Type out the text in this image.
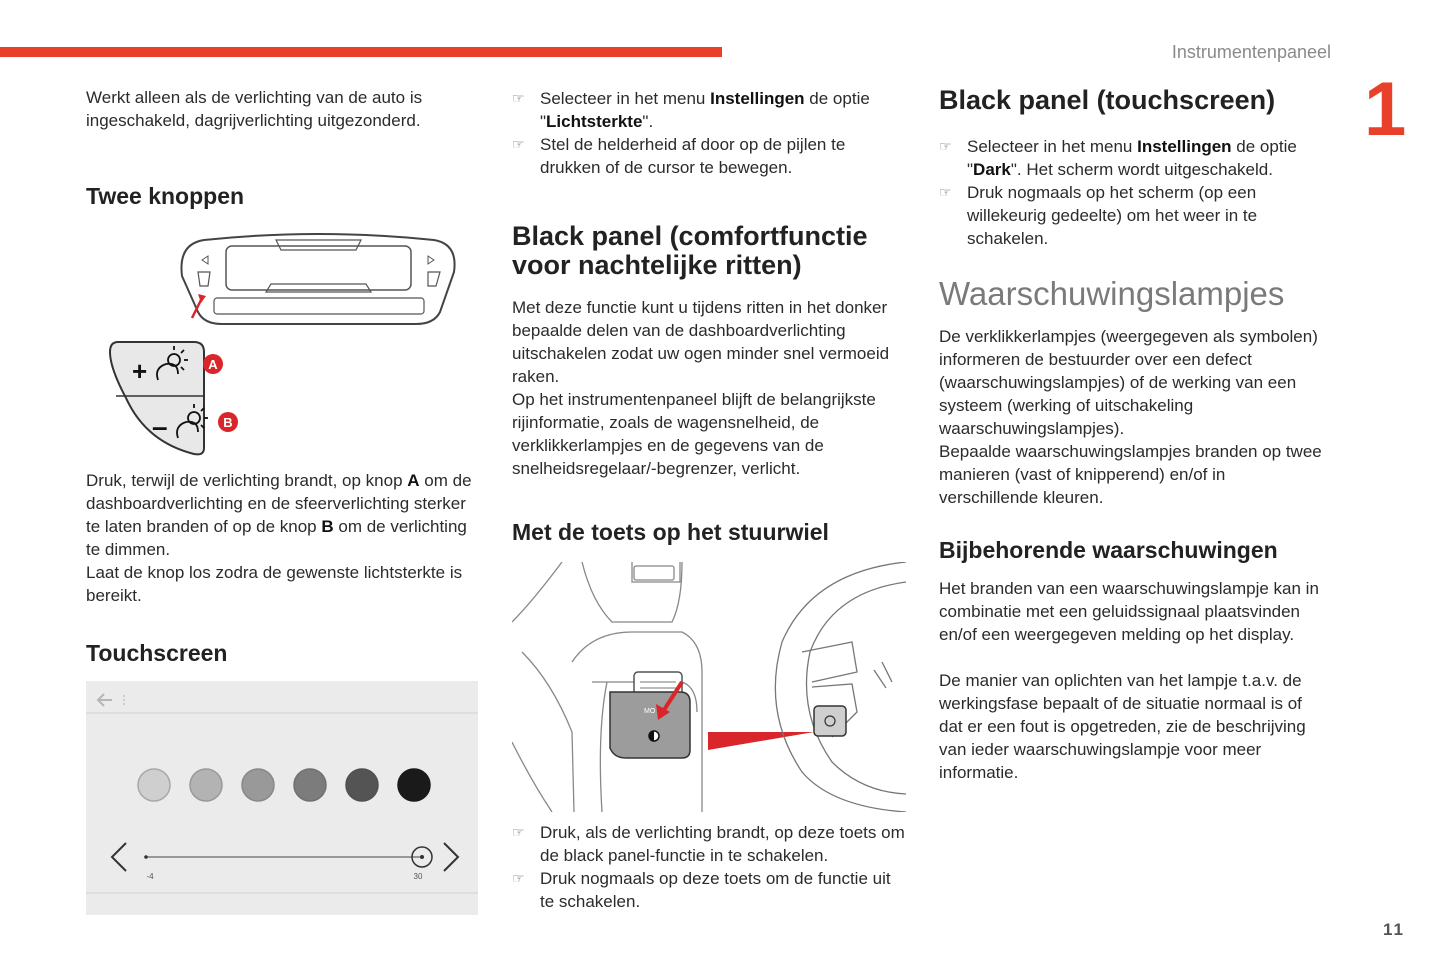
Instrumentenpaneel
1
11

Werkt alleen als de verlichting van de auto is ingeschakeld, dagrijverlichting uitgezonderd.

Twee knoppen
+
–
A
B

Druk, terwijl de verlichting brandt, op knop A om de dashboardverlichting en de sfeerverlichting sterker te laten branden of op de knop B om de verlichting te dimmen.

Laat de knop los zodra de gewenste lichtsterkte is bereikt.

Touchscreen
-4	30
☞ Selecteer in het menu Instellingen de optie "Lichtsterkte".
☞ Stel de helderheid af door op de pijlen te drukken of de cursor te bewegen.
Black panel (comfortfunctie voor nachtelijke ritten)

Met deze functie kunt u tijdens ritten in het donker bepaalde delen van de dashboardverlichting uitschakelen zodat uw ogen minder snel vermoeid raken.

Op het instrumentenpaneel blijft de belangrijkste rijinformatie, zoals de wagensnelheid, de verklikkerlampjes en de gegevens van de snelheidsregelaar/-begrenzer, verlicht.

Met de toets op het stuurwiel
MO
☞ Druk, als de verlichting brandt, op deze toets om de black panel-functie in te schakelen.
☞ Druk nogmaals op deze toets om de functie uit te schakelen.
Black panel (touchscreen)
☞ Selecteer in het menu Instellingen de optie "Dark". Het scherm wordt uitgeschakeld.
☞ Druk nogmaals op het scherm (op een willekeurig gedeelte) om het weer in te schakelen.
Waarschuwingslampjes

De verklikkerlampjes (weergegeven als symbolen) informeren de bestuurder over een defect (waarschuwingslampjes) of de werking van een systeem (werking of uitschakeling waarschuwingslampjes).

Bepaalde waarschuwingslampjes branden op twee manieren (vast of knipperend) en/of in verschillende kleuren.

Bijbehorende waarschuwingen

Het branden van een waarschuwingslampje kan in combinatie met een geluidssignaal plaatsvinden en/of een weergegeven melding op het display.

De manier van oplichten van het lampje t.a.v. de werkingsfase bepaalt of de situatie normaal is of dat er een fout is opgetreden, zie de beschrijving van ieder waarschuwingslampje voor meer informatie.
